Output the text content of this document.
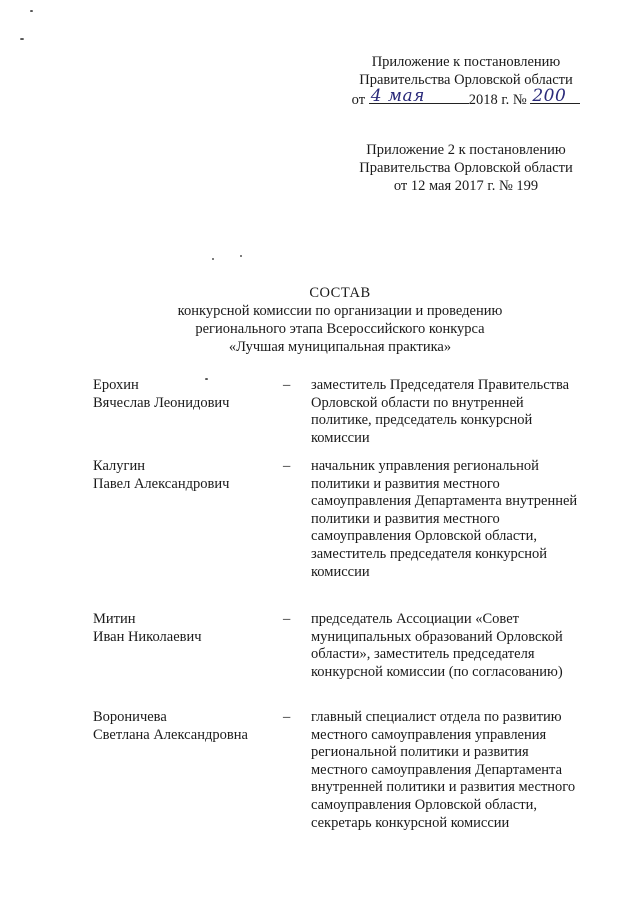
Приложение к постановлению
Правительства Орловской области
от 4 мая	2018 г. № 200
Приложение 2 к постановлению
Правительства Орловской области
от 12 мая 2017 г. № 199
СОСТАВ
конкурсной комиссии по организации и проведению
регионального этапа Всероссийского конкурса
«Лучшая муниципальная практика»
Ерохин
Вячеслав Леонидович
– заместитель Председателя Правительства
Орловской области по внутренней
политике, председатель конкурсной
комиссии
Калугин
Павел Александрович
– начальник управления региональной
политики и развития местного
самоуправления Департамента внутренней
политики и развития местного
самоуправления Орловской области,
заместитель председателя конкурсной
комиссии
Митин
Иван Николаевич
– председатель Ассоциации «Совет
муниципальных образований Орловской
области», заместитель председателя
конкурсной комиссии (по согласованию)
Вороничева
Светлана Александровна
– главный специалист отдела по развитию
местного самоуправления управления
региональной политики и развития
местного самоуправления Департамента
внутренней политики и развития местного
самоуправления Орловской области,
секретарь конкурсной комиссии
